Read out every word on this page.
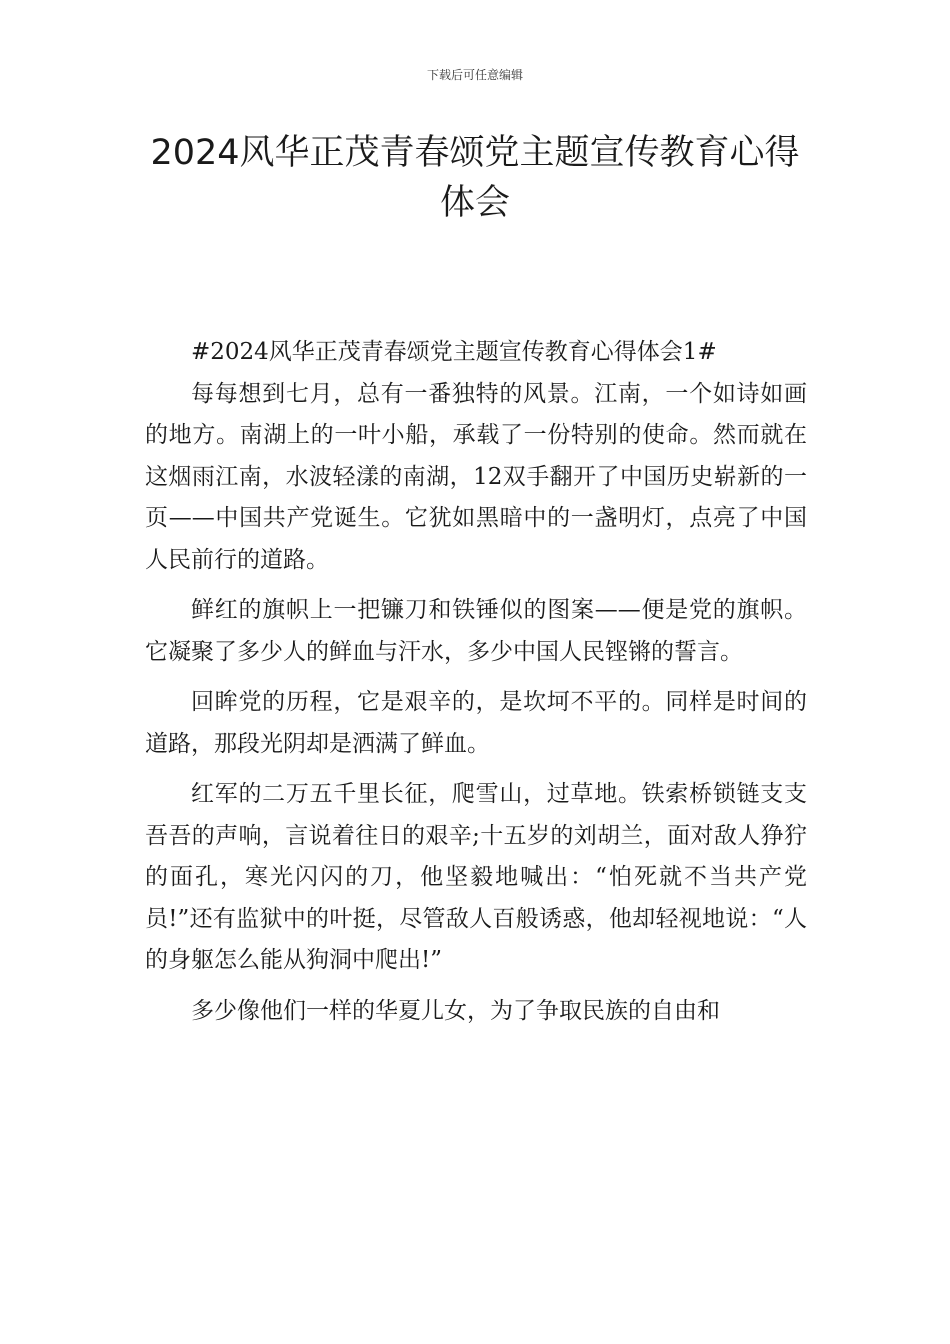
下载后可任意编辑
2024风华正茂青春颂党主题宣传教育心得体会

#2024风华正茂青春颂党主题宣传教育心得体会1#

每每想到七月，总有一番独特的风景。江南，一个如诗如画的地方。南湖上的一叶小船，承载了一份特别的使命。然而就在这烟雨江南，水波轻漾的南湖，12双手翻开了中国历史崭新的一页——中国共产党诞生。它犹如黑暗中的一盏明灯，点亮了中国人民前行的道路。

鲜红的旗帜上一把镰刀和铁锤似的图案——便是党的旗帜。它凝聚了多少人的鲜血与汗水，多少中国人民铿锵的誓言。

回眸党的历程，它是艰辛的，是坎坷不平的。同样是时间的道路，那段光阴却是洒满了鲜血。

红军的二万五千里长征，爬雪山，过草地。铁索桥锁链支支吾吾的声响，言说着往日的艰辛;十五岁的刘胡兰，面对敌人狰狞的面孔，寒光闪闪的刀，他坚毅地喊出：“怕死就不当共产党员!”还有监狱中的叶挺，尽管敌人百般诱惑，他却轻视地说：“人的身躯怎么能从狗洞中爬出!”

多少像他们一样的华夏儿女，为了争取民族的自由和
